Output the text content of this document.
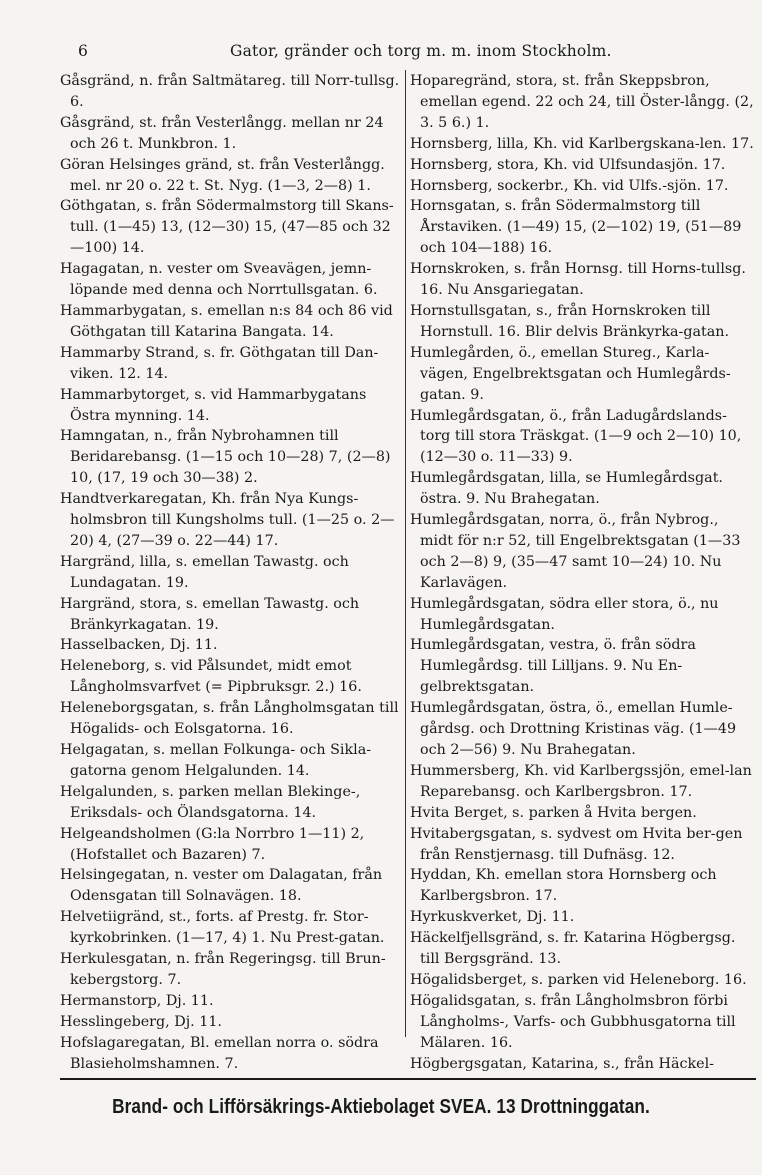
6	Gator, gränder och torg m. m. inom Stockholm.
Gåsgränd, n. från Saltmätareg. till Norr-tullsg. 6.
Gåsgränd, st. från Vesterlångg. mellan nr 24 och 26 t. Munkbron. 1.
Göran Helsinges gränd, st. från Vesterlångg. mel. nr 20 o. 22 t. St. Nyg. (1—3, 2—8) 1.
Göthgatan, s. från Södermalmstorg till Skans-tull. (1—45) 13, (12—30) 15, (47—85 och 32—100) 14.
Hagagatan, n. vester om Sveavägen, jemn-löpande med denna och Norrtullsgatan. 6.
Hammarbygatan, s. emellan n:s 84 och 86 vid Göthgatan till Katarina Bangata. 14.
Hammarby Strand, s. fr. Göthgatan till Dan-viken. 12. 14.
Hammarbytorget, s. vid Hammarbygatans Östra mynning. 14.
Hamngatan, n., från Nybrohamnen till Beridarebansg. (1—15 och 10—28) 7, (2—8) 10, (17, 19 och 30—38) 2.
Handtverkaregatan, Kh. från Nya Kungs-holmsbron till Kungsholms tull. (1—25 o. 2—20) 4, (27—39 o. 22—44) 17.
Hargränd, lilla, s. emellan Tawastg. och Lundagatan. 19.
Hargränd, stora, s. emellan Tawastg. och Bränkyrkagatan. 19.
Hasselbacken, Dj. 11.
Heleneborg, s. vid Pålsundet, midt emot Långholmsvarfvet (= Pipbruksgr. 2.) 16.
Heleneborgsgatan, s. från Långholmsgatan till Högalids- och Eolsgatorna. 16.
Helgagatan, s. mellan Folkunga- och Sikla-gatorna genom Helgalunden. 14.
Helgalunden, s. parken mellan Blekinge-, Eriksdals- och Ölandsgatorna. 14.
Helgeandsholmen (G:la Norrbro 1—11) 2, (Hofstallet och Bazaren) 7.
Helsingegatan, n. vester om Dalagatan, från Odensgatan till Solnavägen. 18.
Helvetiigränd, st., forts. af Prestg. fr. Stor-kyrkobrinken. (1—17, 4) 1. Nu Prest-gatan.
Herkulesgatan, n. från Regeringsg. till Brun-kebergstorg. 7.
Hermanstorp, Dj. 11.
Hesslingeberg, Dj. 11.
Hofslagaregatan, Bl. emellan norra o. södra Blasieholmshamnen. 7.
Hoparegränd, stora, st. från Skeppsbron, emellan egend. 22 och 24, till Öster-långg. (2, 3. 5 6.) 1.
Hornsberg, lilla, Kh. vid Karlbergskana-len. 17.
Hornsberg, stora, Kh. vid Ulfsundasjön. 17.
Hornsberg, sockerbr., Kh. vid Ulfs.-sjön. 17.
Hornsgatan, s. från Södermalmstorg till Årstaviken. (1—49) 15, (2—102) 19, (51—89 och 104—188) 16.
Hornskroken, s. från Hornsg. till Horns-tullsg. 16. Nu Ansgariegatan.
Hornstullsgatan, s., från Hornskroken till Hornstull. 16. Blir delvis Bränkyrka-gatan.
Humlegården, ö., emellan Stureg., Karla-vägen, Engelbrektsgatan och Humlegårds-gatan. 9.
Humlegårdsgatan, ö., från Ladugårdslands-torg till stora Träskgat. (1—9 och 2—10) 10, (12—30 o. 11—33) 9.
Humlegårdsgatan, lilla, se Humlegårdsgat. östra. 9. Nu Brahegatan.
Humlegårdsgatan, norra, ö., från Nybrog., midt för n:r 52, till Engelbrektsgatan (1—33 och 2—8) 9, (35—47 samt 10—24) 10. Nu Karlavägen.
Humlegårdsgatan, södra eller stora, ö., nu Humlegårdsgatan.
Humlegårdsgatan, vestra, ö. från södra Humlegårdsg. till Lilljans. 9. Nu En-gelbrektsgatan.
Humlegårdsgatan, östra, ö., emellan Humle-gårdsg. och Drottning Kristinas väg. (1—49 och 2—56) 9. Nu Brahegatan.
Hummersberg, Kh. vid Karlbergssjön, emel-lan Reparebansg. och Karlbergsbron. 17.
Hvita Berget, s. parken å Hvita bergen.
Hvitabergsgatan, s. sydvest om Hvita ber-gen från Renstjernasg. till Dufnäsg. 12.
Hyddan, Kh. emellan stora Hornsberg och Karlbergsbron. 17.
Hyrkuskverket, Dj. 11.
Häckelfjellsgränd, s. fr. Katarina Högbergsg. till Bergsgränd. 13.
Högalidsberget, s. parken vid Heleneborg. 16.
Högalidsgatan, s. från Långholmsbron förbi Långholms-, Varfs- och Gubbhusgatorna till Mälaren. 16.
Högbergsgatan, Katarina, s., från Häckel-
Brand- och Lifförsäkrings-Aktiebolaget SVEA. 13 Drottninggatan.
